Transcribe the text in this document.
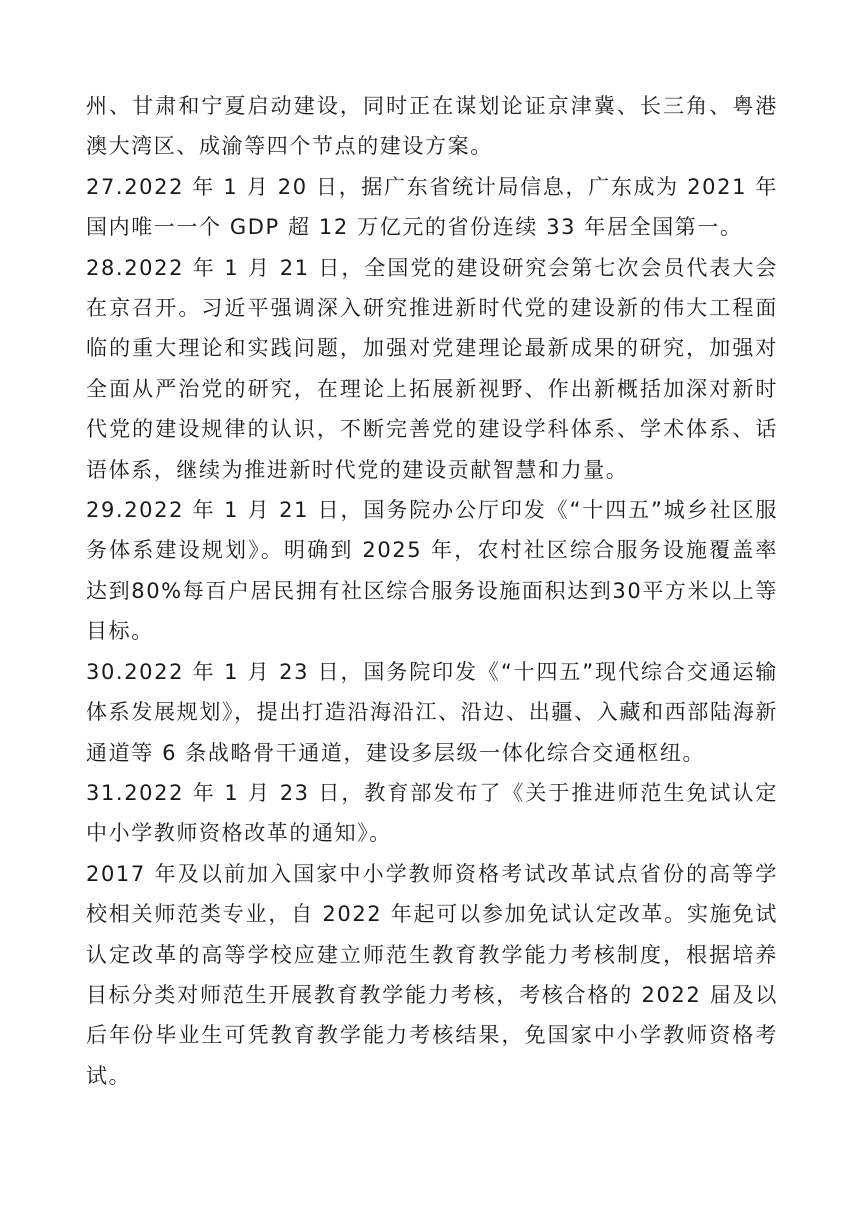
州、甘肃和宁夏启动建设，同时正在谋划论证京津冀、长三角、粤港澳大湾区、成渝等四个节点的建设方案。

27.2022 年 1 月 20 日，据广东省统计局信息，广东成为 2021 年国内唯一一个 GDP 超 12 万亿元的省份连续 33 年居全国第一。

28.2022 年 1 月 21 日，全国党的建设研究会第七次会员代表大会在京召开。习近平强调深入研究推进新时代党的建设新的伟大工程面临的重大理论和实践问题，加强对党建理论最新成果的研究，加强对全面从严治党的研究，在理论上拓展新视野、作出新概括加深对新时代党的建设规律的认识，不断完善党的建设学科体系、学术体系、话语体系，继续为推进新时代党的建设贡献智慧和力量。

29.2022 年 1 月 21 日，国务院办公厅印发《“十四五”城乡社区服务体系建设规划》。明确到 2025 年，农村社区综合服务设施覆盖率达到80%每百户居民拥有社区综合服务设施面积达到30平方米以上等目标。

30.2022 年 1 月 23 日，国务院印发《“十四五”现代综合交通运输体系发展规划》，提出打造沿海沿江、沿边、出疆、入藏和西部陆海新通道等 6 条战略骨干通道，建设多层级一体化综合交通枢纽。

31.2022 年 1 月 23 日，教育部发布了《关于推进师范生免试认定中小学教师资格改革的通知》。

2017 年及以前加入国家中小学教师资格考试改革试点省份的高等学校相关师范类专业，自 2022 年起可以参加免试认定改革。实施免试认定改革的高等学校应建立师范生教育教学能力考核制度，根据培养目标分类对师范生开展教育教学能力考核，考核合格的 2022 届及以后年份毕业生可凭教育教学能力考核结果，免国家中小学教师资格考试。
